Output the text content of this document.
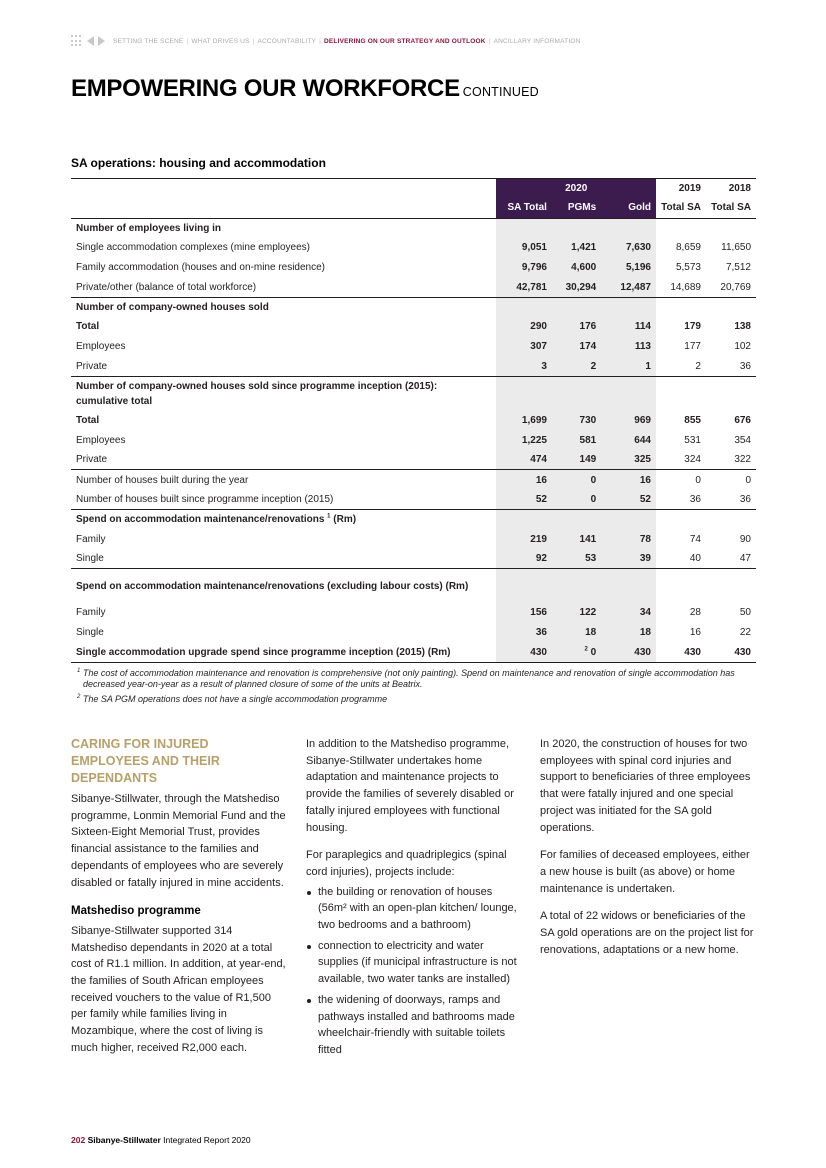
SETTING THE SCENE | WHAT DRIVES US | ACCOUNTABILITY | DELIVERING ON OUR STRATEGY AND OUTLOOK | ANCILLARY INFORMATION
EMPOWERING OUR WORKFORCE CONTINUED
SA operations: housing and accommodation
	2020			2019	2018
	SA Total	PGMs	Gold	Total SA	Total SA
Number of employees living in					
Single accommodation complexes (mine employees)	9,051	1,421	7,630	8,659	11,650
Family accommodation (houses and on-mine residence)	9,796	4,600	5,196	5,573	7,512
Private/other (balance of total workforce)	42,781	30,294	12,487	14,689	20,769
Number of company-owned houses sold					
Total	290	176	114	179	138
Employees	307	174	113	177	102
Private	3	2	1	2	36
Number of company-owned houses sold since programme inception (2015): cumulative total					
Total	1,699	730	969	855	676
Employees	1,225	581	644	531	354
Private	474	149	325	324	322
Number of houses built during the year	16	0	16	0	0
Number of houses built since programme inception (2015)	52	0	52	36	36
Spend on accommodation maintenance/renovations $^1$ (Rm)					
Family	219	141	78	74	90
Single	92	53	39	40	47
Spend on accommodation maintenance/renovations (excluding labour costs) (Rm)					
Family	156	122	34	28	50
Single	36	18	18	16	22
Single accommodation upgrade spend since programme inception (2015) (Rm)	430	$^2$ 0	430	430	430

$^1$ The cost of accommodation maintenance and renovation is comprehensive (not only painting). Spend on maintenance and renovation of single accommodation has decreased year-on-year as a result of planned closure of some of the units at Beatrix.

$^2$ The SA PGM operations does not have a single accommodation programme

CARING FOR INJURED EMPLOYEES AND THEIR DEPENDANTS

Sibanye-Stillwater, through the Matshediso programme, Lonmin Memorial Fund and the Sixteen-Eight Memorial Trust, provides financial assistance to the families and dependants of employees who are severely disabled or fatally injured in mine accidents.

Matshediso programme

Sibanye-Stillwater supported 314 Matshediso dependants in 2020 at a total cost of R1.1 million. In addition, at year-end, the families of South African employees received vouchers to the value of R1,500 per family while families living in Mozambique, where the cost of living is much higher, received R2,000 each.

In addition to the Matshediso programme, Sibanye-Stillwater undertakes home adaptation and maintenance projects to provide the families of severely disabled or fatally injured employees with functional housing.

For paraplegics and quadriplegics (spinal cord injuries), projects include:

the building or renovation of houses (56m² with an open-plan kitchen/ lounge, two bedrooms and a bathroom)
connection to electricity and water supplies (if municipal infrastructure is not available, two water tanks are installed)
the widening of doorways, ramps and pathways installed and bathrooms made wheelchair-friendly with suitable toilets fitted

In 2020, the construction of houses for two employees with spinal cord injuries and support to beneficiaries of three employees that were fatally injured and one special project was initiated for the SA gold operations.

For families of deceased employees, either a new house is built (as above) or home maintenance is undertaken.

A total of 22 widows or beneficiaries of the SA gold operations are on the project list for renovations, adaptations or a new home.

202 Sibanye-Stillwater Integrated Report 2020
